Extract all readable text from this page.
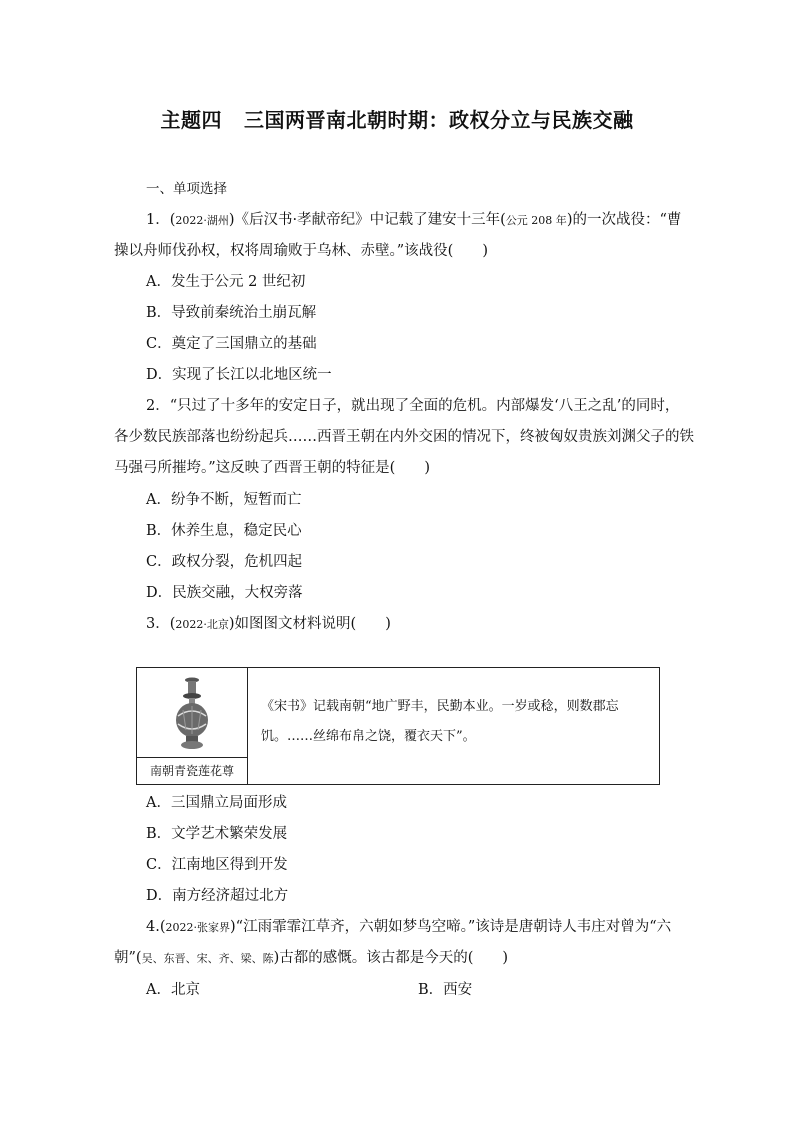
主题四 三国两晋南北朝时期：政权分立与民族交融
一、单项选择
1．(2022·湖州)《后汉书·孝献帝纪》中记载了建安十三年(公元 208 年)的一次战役：“曹
操以舟师伐孙权，权将周瑜败于乌林、赤壁。”该战役(　　)
A．发生于公元 2 世纪初
B．导致前秦统治土崩瓦解
C．奠定了三国鼎立的基础
D．实现了长江以北地区统一
2．“只过了十多年的安定日子，就出现了全面的危机。内部爆发‘八王之乱’的同时，
各少数民族部落也纷纷起兵……西晋王朝在内外交困的情况下，终被匈奴贵族刘渊父子的铁
马强弓所摧垮。”这反映了西晋王朝的特征是(　　)
A．纷争不断，短暂而亡
B．休养生息，稳定民心
C．政权分裂，危机四起
D．民族交融，大权旁落
3．(2022·北京)如图图文材料说明(　　)
南朝青瓷莲花尊
《宋书》记载南朝“地广野丰，民勤本业。一岁或稔，则数郡忘
饥。……丝绵布帛之饶，覆衣天下”。
A．三国鼎立局面形成
B．文学艺术繁荣发展
C．江南地区得到开发
D．南方经济超过北方
4.(2022·张家界)“江雨霏霏江草齐，六朝如梦鸟空啼。”该诗是唐朝诗人韦庄对曾为“六
朝”(吴、东晋、宋、齐、梁、陈)古都的感慨。该古都是今天的(　　)
A．北京	B．西安
